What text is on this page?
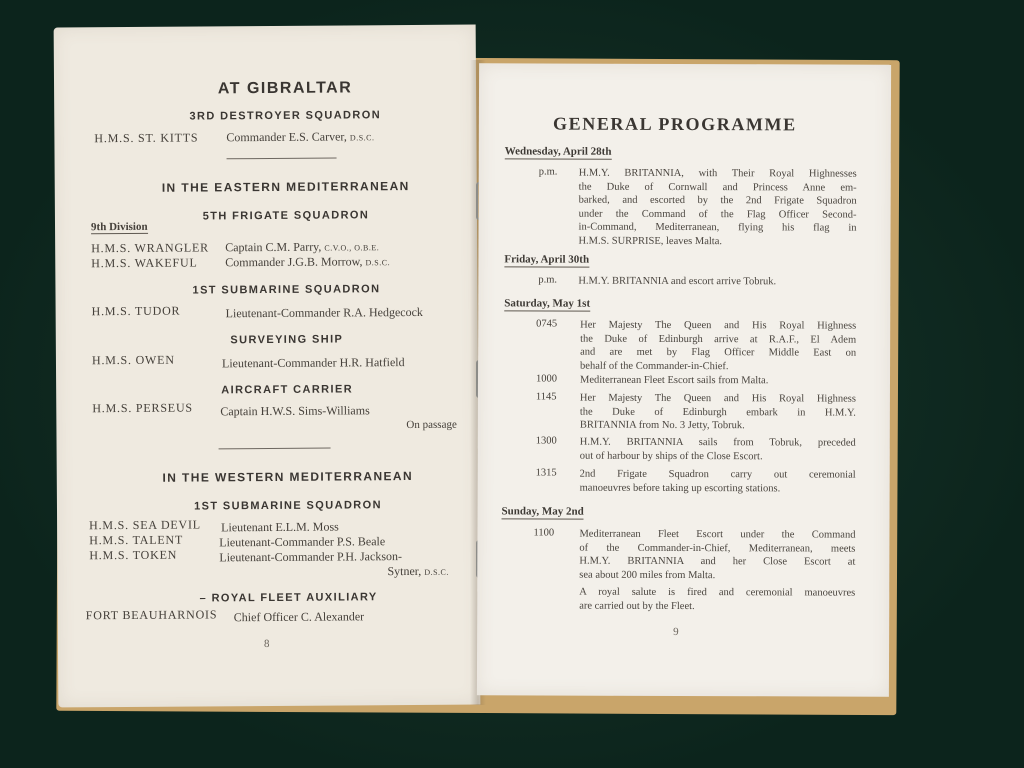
AT GIBRALTAR
3RD DESTROYER SQUADRON
H.M.S. ST. KITTS Commander E.S. Carver, D.S.C.
IN THE EASTERN MEDITERRANEAN
5TH FRIGATE SQUADRON
9th Division
H.M.S. WRANGLER Captain C.M. Parry, C.V.O., O.B.E.
H.M.S. WAKEFUL Commander J.G.B. Morrow, D.S.C.
1ST SUBMARINE SQUADRON
H.M.S. TUDOR	Lieutenant-Commander R.A. Hedgecock
SURVEYING SHIP
H.M.S. OWEN	Lieutenant-Commander H.R. Hatfield
AIRCRAFT CARRIER
H.M.S. PERSEUS Captain H.W.S. Sims-Williams
On passage
IN THE WESTERN MEDITERRANEAN
1ST SUBMARINE SQUADRON
H.M.S. SEA DEVIL Lieutenant E.L.M. Moss
H.M.S. TALENT	Lieutenant-Commander P.S. Beale
H.M.S. TOKEN	Lieutenant-Commander P.H. Jackson-
Sytner, D.S.C.
– ROYAL FLEET AUXILIARY
FORT BEAUHARNOIS Chief Officer C. Alexander
8
GENERAL PROGRAMME
Wednesday, April 28th
p.m. H.M.Y. BRITANNIA, with Their Royal Highnesses
the Duke of Cornwall and Princess Anne em-
barked, and escorted by the 2nd Frigate Squadron
under the Command of the Flag Officer Second-
in-Command, Mediterranean, flying his flag in
H.M.S. SURPRISE, leaves Malta.
Friday, April 30th
p.m. H.M.Y. BRITANNIA and escort arrive Tobruk.
Saturday, May 1st
0745 Her Majesty The Queen and His Royal Highness
the Duke of Edinburgh arrive at R.A.F., El Adem
and are met by Flag Officer Middle East on
behalf of the Commander-in-Chief.
1000 Mediterranean Fleet Escort sails from Malta.
1145 Her Majesty The Queen and His Royal Highness
the Duke of Edinburgh embark in H.M.Y.
BRITANNIA from No. 3 Jetty, Tobruk.
1300 H.M.Y. BRITANNIA sails from Tobruk, preceded
out of harbour by ships of the Close Escort.
1315 2nd Frigate Squadron carry out ceremonial
manoeuvres before taking up escorting stations.
Sunday, May 2nd
1100 Mediterranean Fleet Escort under the Command
of the Commander-in-Chief, Mediterranean, meets
H.M.Y. BRITANNIA and her Close Escort at
sea about 200 miles from Malta.
A royal salute is fired and ceremonial manoeuvres
are carried out by the Fleet.
9
